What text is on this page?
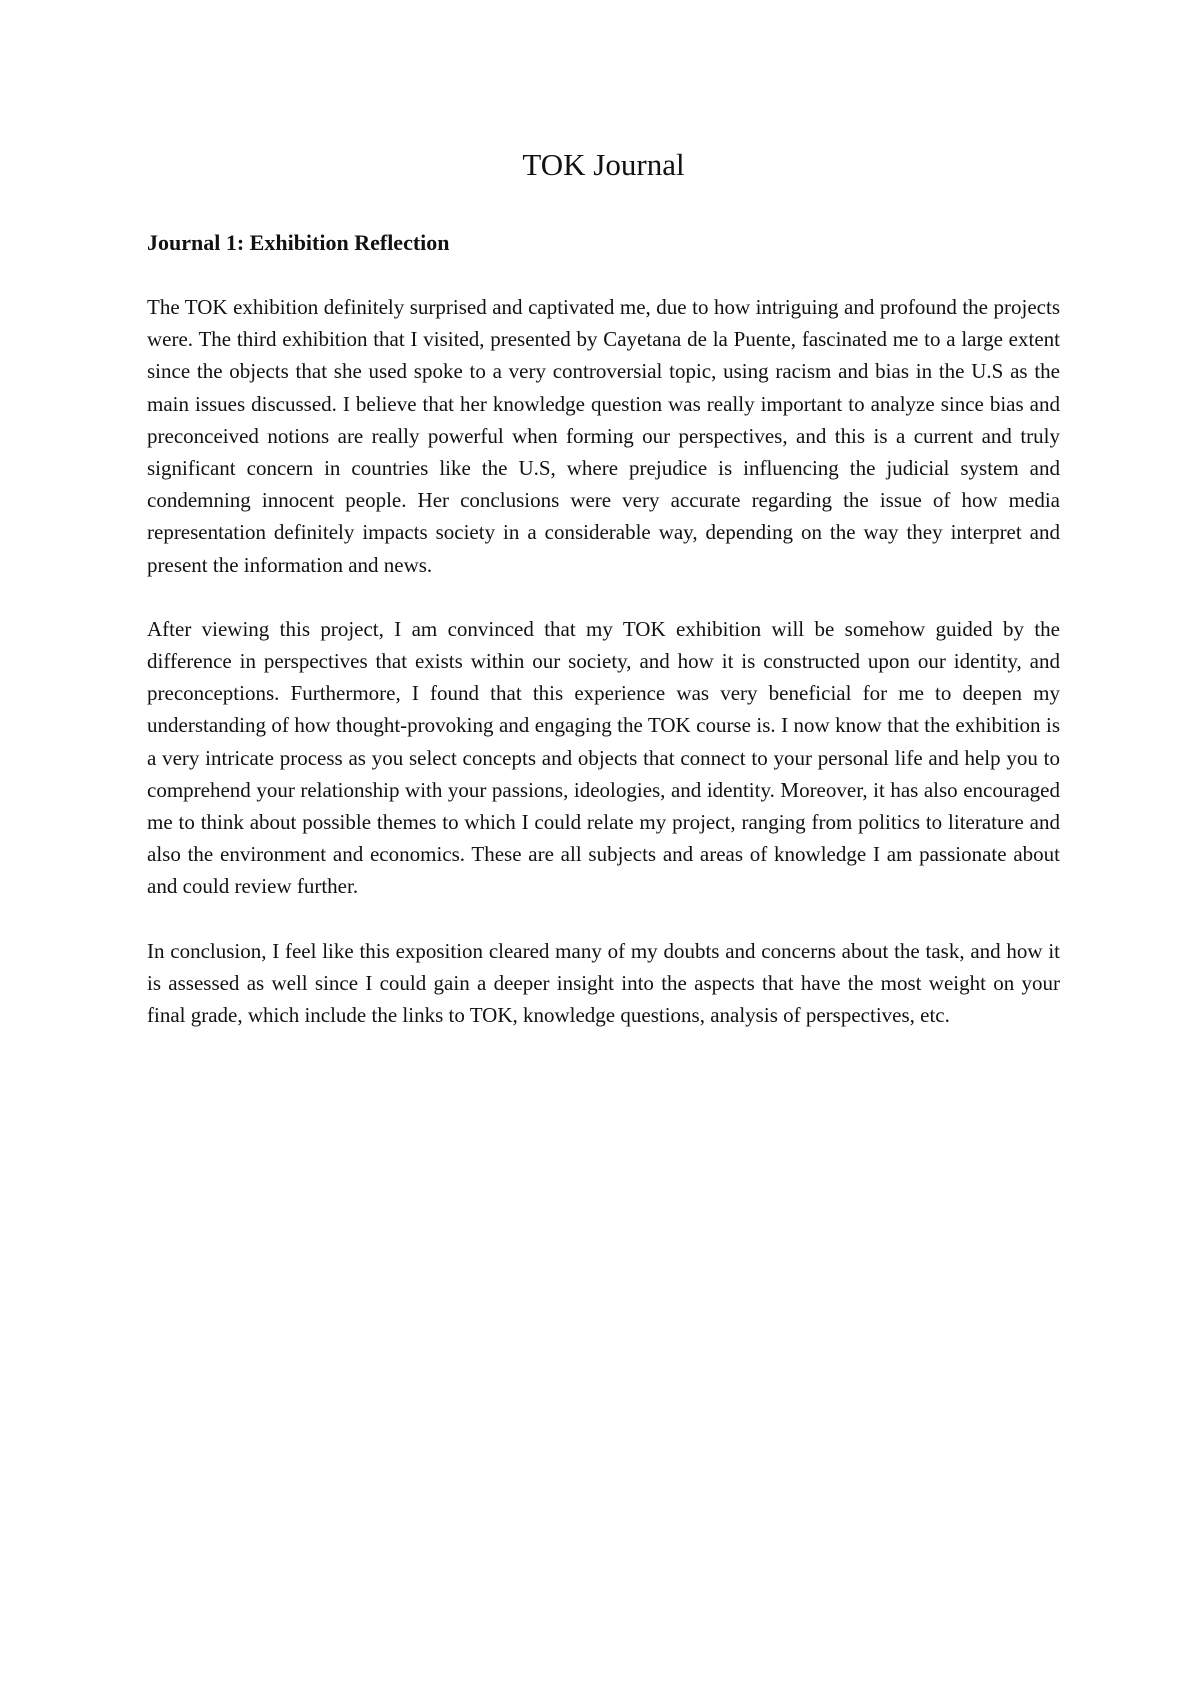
TOK Journal
Journal 1: Exhibition Reflection

The TOK exhibition definitely surprised and captivated me, due to how intriguing and profound the projects were. The third exhibition that I visited, presented by Cayetana de la Puente, fascinated me to a large extent since the objects that she used spoke to a very controversial topic, using racism and bias in the U.S as the main issues discussed. I believe that her knowledge question was really important to analyze since bias and preconceived notions are really powerful when forming our perspectives, and this is a current and truly significant concern in countries like the U.S, where prejudice is influencing the judicial system and condemning innocent people. Her conclusions were very accurate regarding the issue of how media representation definitely impacts society in a considerable way, depending on the way they interpret and present the information and news.

After viewing this project, I am convinced that my TOK exhibition will be somehow guided by the difference in perspectives that exists within our society, and how it is constructed upon our identity, and preconceptions. Furthermore, I found that this experience was very beneficial for me to deepen my understanding of how thought-provoking and engaging the TOK course is. I now know that the exhibition is a very intricate process as you select concepts and objects that connect to your personal life and help you to comprehend your relationship with your passions, ideologies, and identity. Moreover, it has also encouraged me to think about possible themes to which I could relate my project, ranging from politics to literature and also the environment and economics. These are all subjects and areas of knowledge I am passionate about and could review further.

In conclusion, I feel like this exposition cleared many of my doubts and concerns about the task, and how it is assessed as well since I could gain a deeper insight into the aspects that have the most weight on your final grade, which include the links to TOK, knowledge questions, analysis of perspectives, etc.
